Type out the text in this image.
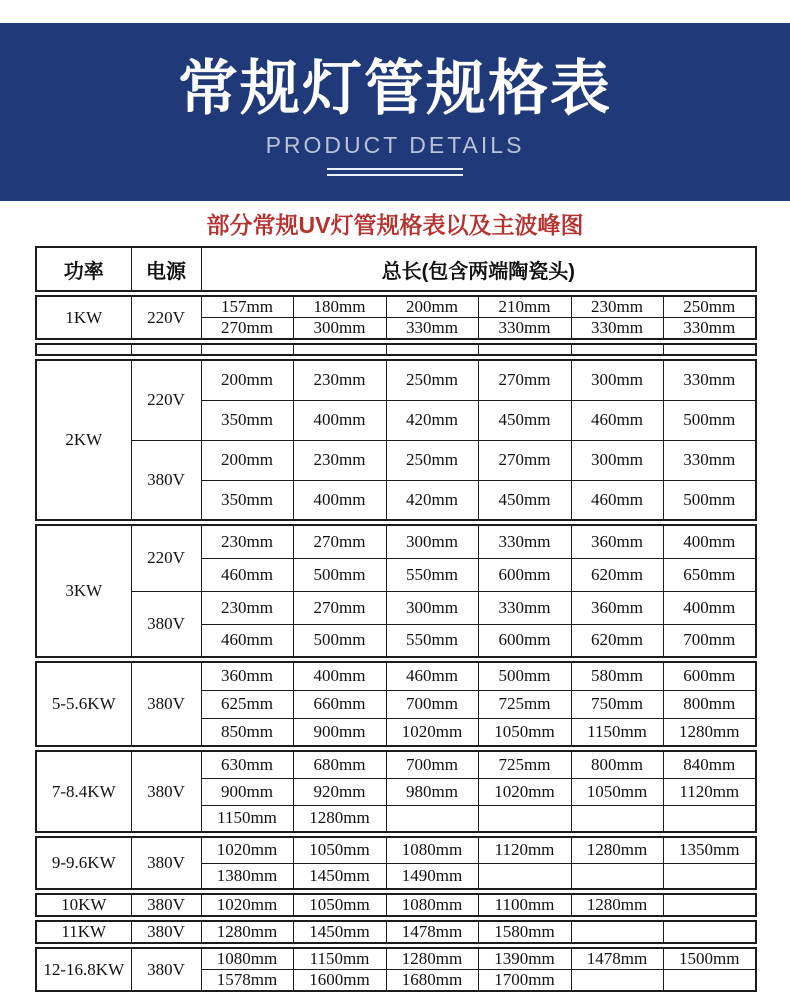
常规灯管规格表
PRODUCT DETAILS
部分常规UV灯管规格表以及主波峰图
功率	电源	总长(包含两端陶瓷头)
1KW	220V	157mm	180mm	200mm	210mm	230mm	250mm
		270mm	300mm	330mm	330mm	330mm	330mm

2KW	220V	200mm	230mm	250mm	270mm	300mm	330mm
		350mm	400mm	420mm	450mm	460mm	500mm
	380V	200mm	230mm	250mm	270mm	300mm	330mm
		350mm	400mm	420mm	450mm	460mm	500mm
3KW	220V	230mm	270mm	300mm	330mm	360mm	400mm
		460mm	500mm	550mm	600mm	620mm	650mm
	380V	230mm	270mm	300mm	330mm	360mm	400mm
		460mm	500mm	550mm	600mm	620mm	700mm
5-5.6KW	380V	360mm	400mm	460mm	500mm	580mm	600mm
		625mm	660mm	700mm	725mm	750mm	800mm
		850mm	900mm	1020mm	1050mm	1150mm	1280mm
7-8.4KW	380V	630mm	680mm	700mm	725mm	800mm	840mm
		900mm	920mm	980mm	1020mm	1050mm	1120mm
		1150mm	1280mm				
9-9.6KW	380V	1020mm	1050mm	1080mm	1120mm	1280mm	1350mm
		1380mm	1450mm	1490mm			
10KW	380V	1020mm	1050mm	1080mm	1100mm	1280mm	
11KW	380V	1280mm	1450mm	1478mm	1580mm		
12-16.8KW	380V	1080mm	1150mm	1280mm	1390mm	1478mm	1500mm
		1578mm	1600mm	1680mm	1700mm		
